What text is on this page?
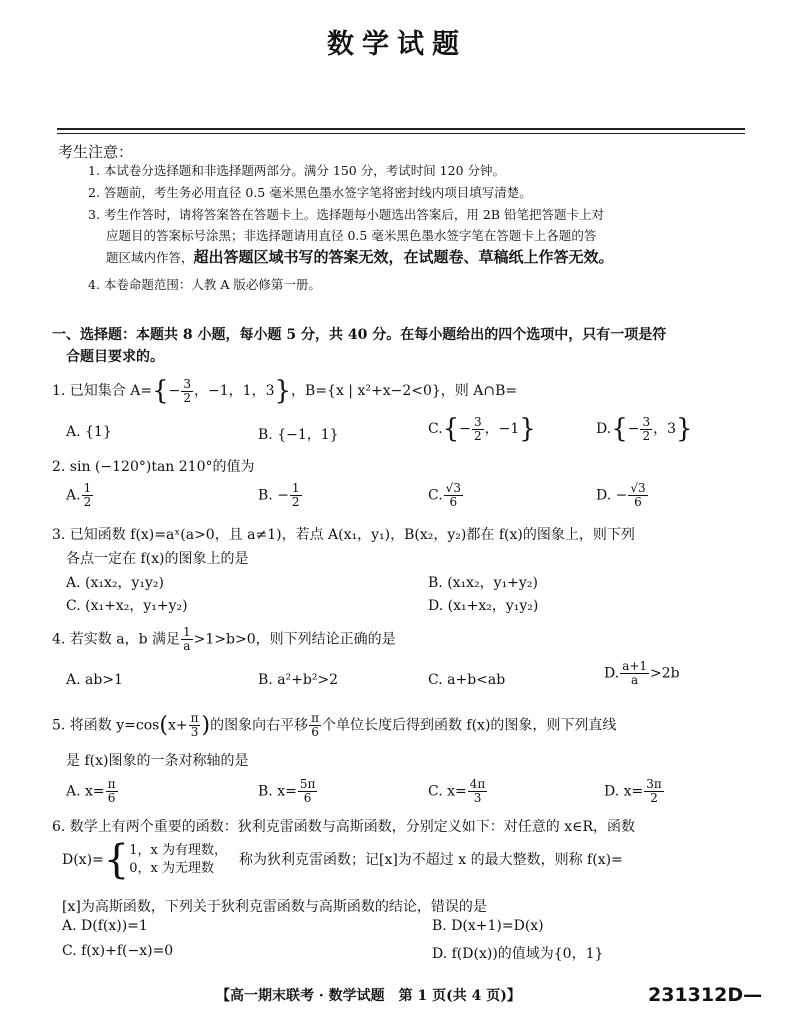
数学试题
考生注意：
1. 本试卷分选择题和非选择题两部分。满分 150 分，考试时间 120 分钟。
2. 答题前，考生务必用直径 0.5 毫米黑色墨水签字笔将密封线内项目填写清楚。
3. 考生作答时，请将答案答在答题卡上。选择题每小题选出答案后，用 2B 铅笔把答题卡上对
应题目的答案标号涂黑；非选择题请用直径 0.5 毫米黑色墨水签字笔在答题卡上各题的答
题区域内作答，超出答题区域书写的答案无效，在试题卷、草稿纸上作答无效。
4. 本卷命题范围：人教 A 版必修第一册。
一、选择题：本题共 8 小题，每小题 5 分，共 40 分。在每小题给出的四个选项中，只有一项是符
合题目要求的。
1. 已知集合 $A=\{- \frac{3}{2}$ ，−1，1，3}，B={x | x²+x−2<0}，则 A∩B=
A. {1}	B. {−1，1}	$C.\{- \frac{3}{2}$ ，−1}	$D.\{- \frac{3}{2}$ ，3}
2. sin (−120°)tan 210°的值为
A. $\frac{1}{2}$	B. − $\frac{1}{2}$	C. $\frac{√3}{6}$	D. − $\frac{√3}{6}$
3. 已知函数 f(x)=aˣ(a>0，且 a≠1)，若点 A(x₁，y₁)，B(x₂，y₂)都在 f(x)的图象上，则下列
各点一定在 f(x)的图象上的是
A. (x₁x₂，y₁y₂)	B. (x₁x₂，y₁+y₂)
C. (x₁+x₂，y₁+y₂)	D. (x₁+x₂，y₁y₂)
4. 若实数 a，b 满足 $\frac{1}{a} >1>b>0$，则下列结论正确的是
A. ab>1	B. a²+b²>2	C. a+b<ab	D. $\frac{a+1}{a} >2b$
5. 将函数 $y=\cos(x+ \frac{\pi}{3}$ )的图象向右平移 $\frac{\pi}{6}$ 个单位长度后得到函数 f(x)的图象，则下列直线
是 f(x)图象的一条对称轴的是
A. $x= \frac{\pi}{6}$	B. $x= \frac{5\pi}{6}$	C. $x= \frac{4\pi}{3}$	D. $x= \frac{3\pi}{2}$
6. 数学上有两个重要的函数：狄利克雷函数与高斯函数，分别定义如下：对任意的 x∈R，函数
D(x)={ 1，x 为有理数，
0，x 为无理数
称为狄利克雷函数；记[x]为不超过 x 的最大整数，则称 f(x)=
[x]为高斯函数，下列关于狄利克雷函数与高斯函数的结论，错误的是
A. D(f(x))=1	B. D(x+1)=D(x)
C. f(x)+f(−x)=0	D. f(D(x))的值域为{0，1}
【高一期末联考 · 数学试题　第 1 页(共 4 页)】	231312D—
